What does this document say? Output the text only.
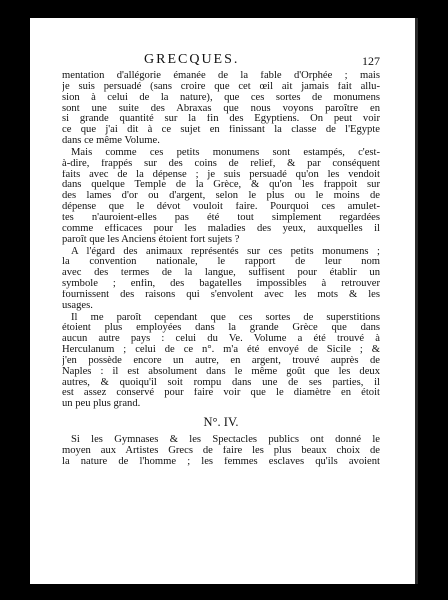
GRECQUES.	127
mentation d'allégorie émanée de la fable d'Orphée ; mais
je suis persuadé (sans croire que cet œil ait jamais fait allu-
sion à celui de la nature), que ces sortes de monumens
sont une suite des Abraxas que nous voyons paroître en
si grande quantité sur la fin des Egyptiens. On peut voir
ce que j'ai dit à ce sujet en finissant la classe de l'Egypte
dans ce même Volume.
Mais comme ces petits monumens sont estampés, c'est-
à-dire, frappés sur des coins de relief, & par conséquent
faits avec de la dépense ; je suis persuadé qu'on les vendoit
dans quelque Temple de la Grèce, & qu'on les frappoit sur
des lames d'or ou d'argent, selon le plus ou le moins de
dépense que le dévot vouloit faire. Pourquoi ces amulet-
tes n'auroient-elles pas été tout simplement regardées
comme efficaces pour les maladies des yeux, auxquelles il
paroît que les Anciens étoient fort sujets ?
A l'égard des animaux représentés sur ces petits monumens ;
la convention nationale, le rapport de leur nom
avec des termes de la langue, suffisent pour établir un
symbole ; enfin, des bagatelles impossibles à retrouver
fournissent des raisons qui s'envolent avec les mots & les
usages.
Il me paroît cependant que ces sortes de superstitions
étoient plus employées dans la grande Grèce que dans
aucun autre pays : celui du Ve. Volume a été trouvé à
Herculanum ; celui de ce n°. m'a été envoyé de Sicile ; &
j'en possède encore un autre, en argent, trouvé auprès de
Naples : il est absolument dans le même goût que les deux
autres, & quoiqu'il soit rompu dans une de ses parties, il
est assez conservé pour faire voir que le diamètre en étoit
un peu plus grand.
N°. IV.
Si les Gymnases & les Spectacles publics ont donné le
moyen aux Artistes Grecs de faire les plus beaux choix de
la nature de l'homme ; les femmes esclaves qu'ils avoient
